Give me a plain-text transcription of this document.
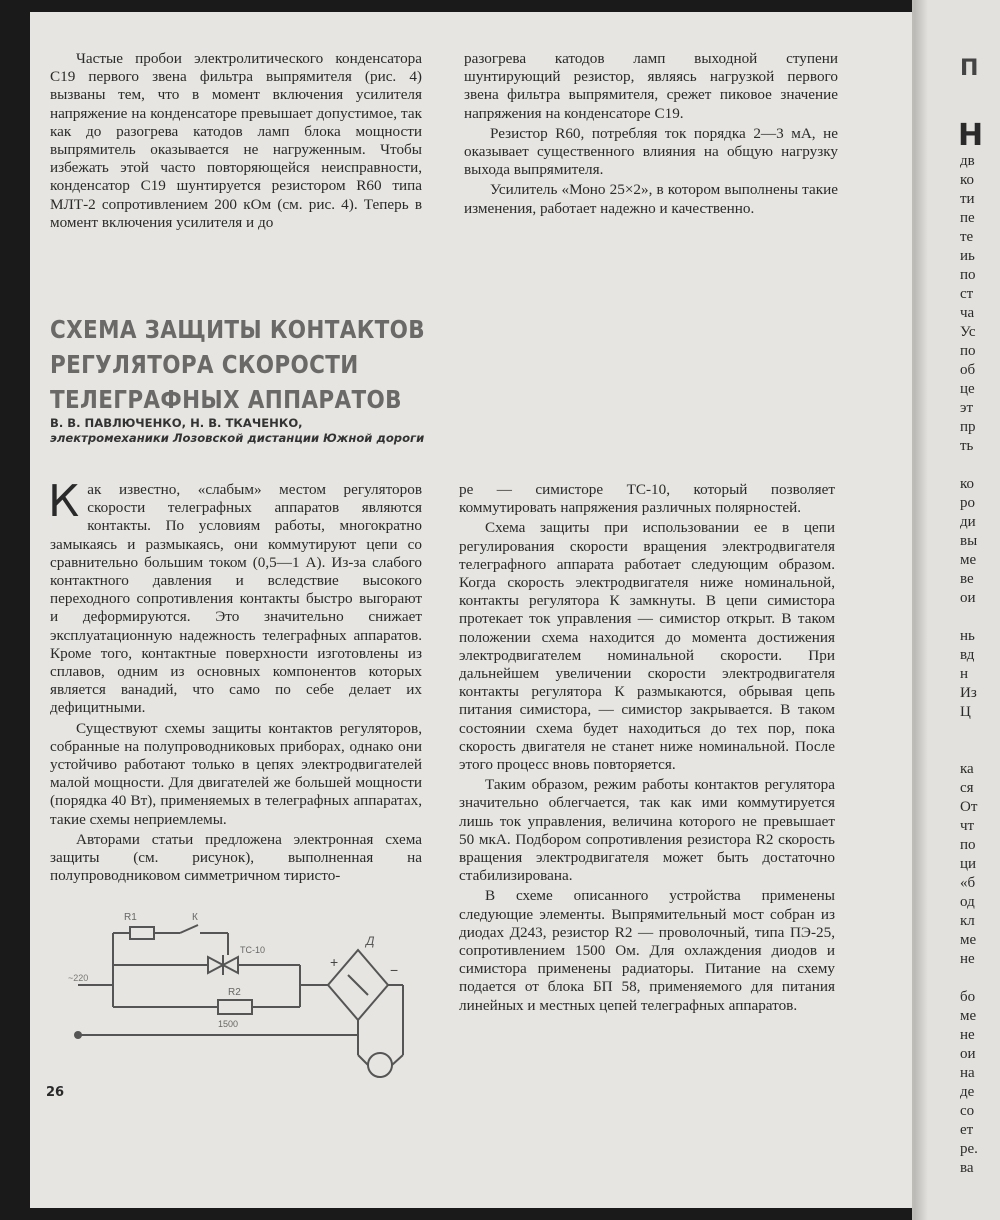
П
Н
дв
ко
ти
пе
те
иь
по
ст
ча
Ус
по
об
це
эт
пр
ть
ко
ро
ди
вы
ме
ве
ои
нь
вд
н
Из
Ц
ка
ся
От
чт
по
ци
«б
од
кл
ме
не
бо
ме
не
ои
на
де
со
ет
ре.
ва

Частые пробои электролитического конденсатора С19 первого звена фильтра выпрямителя (рис. 4) вызваны тем, что в момент включения усилителя напряжение на конденсаторе превышает допустимое, так как до разогрева катодов ламп блока мощности выпрямитель оказывается не нагруженным. Чтобы избежать этой часто повторяющейся неисправности, конденсатор С19 шунтируется резистором R60 типа МЛТ-2 сопротивлением 200 кОм (см. рис. 4). Теперь в момент включения усилителя и до

разогрева катодов ламп выходной ступени шунтирующий резистор, являясь нагрузкой первого звена фильтра выпрямителя, срежет пиковое значение напряжения на конденсаторе С19.

Резистор R60, потребляя ток порядка 2—3 мА, не оказывает существенного влияния на общую нагрузку выхода выпрямителя.

Усилитель «Моно 25×2», в котором выполнены такие изменения, работает надежно и качественно.

СХЕМА ЗАЩИТЫ КОНТАКТОВ РЕГУЛЯТОРА СКОРОСТИ
ТЕЛЕГРАФНЫХ АППАРАТОВ
В. В. ПАВЛЮЧЕНКО, Н. В. ТКАЧЕНКО,
электромеханики Лозовской дистанции Южной дороги

Как известно, «слабым» местом регуляторов скорости телеграфных аппаратов являются контакты. По условиям работы, многократно замыкаясь и размыкаясь, они коммутируют цепи со сравнительно большим током (0,5—1 А). Из-за слабого контактного давления и вследствие высокого переходного сопротивления контакты быстро выгорают и деформируются. Это значительно снижает эксплуатационную надежность телеграфных аппаратов. Кроме того, контактные поверхности изготовлены из сплавов, одним из основных компонентов которых является ванадий, что само по себе делает их дефицитными.

Существуют схемы защиты контактов регуляторов, собранные на полупроводниковых приборах, однако они устойчиво работают только в цепях электродвигателей малой мощности. Для двигателей же большей мощности (порядка 40 Вт), применяемых в телеграфных аппаратах, такие схемы неприемлемы.

Авторами статьи предложена электронная схема защиты (см. рисунок), выполненная на полупроводниковом симметричном тиристо-

ре — симисторе ТС-10, который позволяет коммутировать напряжения различных полярностей.

Схема защиты при использовании ее в цепи регулирования скорости вращения электродвигателя телеграфного аппарата работает следующим образом. Когда скорость электродвигателя ниже номинальной, контакты регулятора К замкнуты. В цепи симистора протекает ток управления — симистор открыт. В таком положении схема находится до момента достижения электродвигателем номинальной скорости. При дальнейшем увеличении скорости электродвигателя контакты регулятора К размыкаются, обрывая цепь питания симистора, — симистор закрывается. В таком состоянии схема будет находиться до тех пор, пока скорость двигателя не станет ниже номинальной. После этого процесс вновь повторяется.

Таким образом, режим работы контактов регулятора значительно облегчается, так как ими коммутируется лишь ток управления, величина которого не превышает 50 мкА. Подбором сопротивления резистора R2 скорость вращения электродвигателя может быть достаточно стабилизирована.

В схеме описанного устройства применены следующие элементы. Выпрямительный мост собран из диодах Д243, резистор R2 — проволочный, типа ПЭ-25, сопротивлением 1500 Ом. Для охлаждения диодов и симистора применены радиаторы. Питание на схему подается от блока БП 58, применяемого для питания линейных и местных цепей телеграфных аппаратов.

R1	К
ТС-10
R2
1500
Д
+	−
~220
26
